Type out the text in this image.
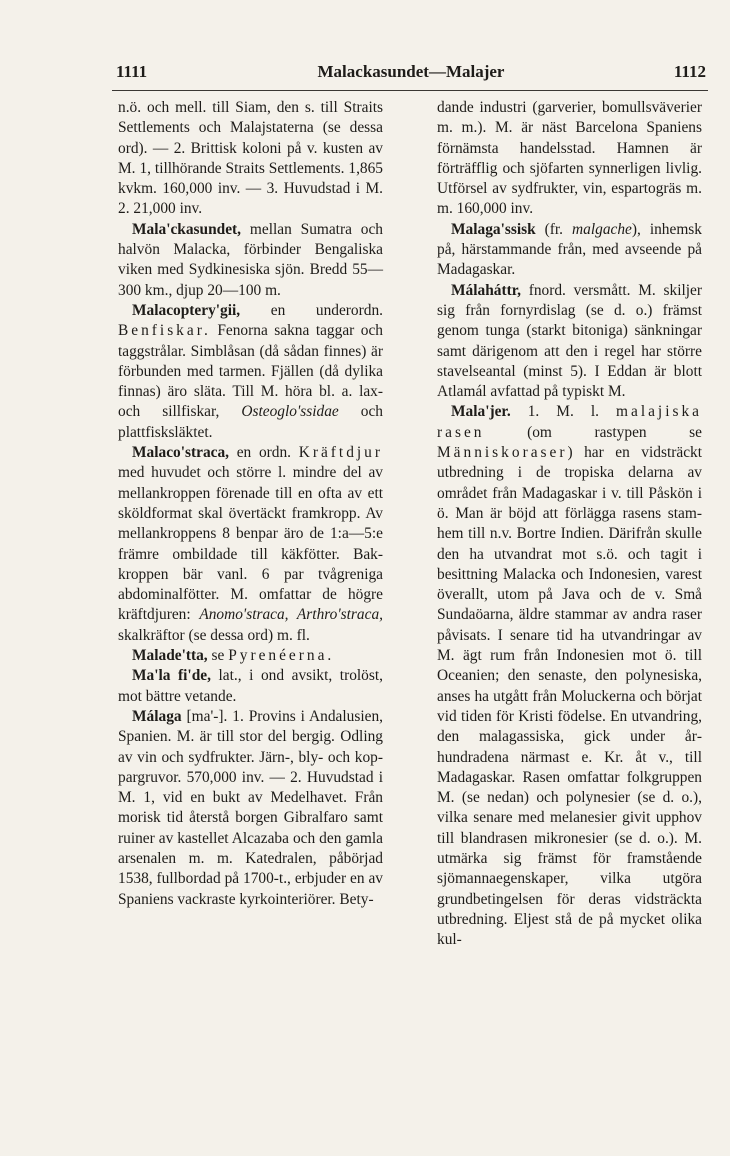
1111	Malackasundet—Malajer	1112

n.ö. och mell. till Siam, den s. till Straits Settlements och Malajstaterna (se dessa ord). — 2. Brittisk koloni på v. kusten av M. 1, tillhörande Straits Settlements. 1,865 kvkm. 160,000 inv. — 3. Huvudstad i M. 2. 21,000 inv.

Mala'ckasundet, mellan Sumatra och halvön Malacka, förbinder Bengaliska viken med Sydkinesiska sjön. Bredd 55—300 km., djup 20—100 m.

Malacoptery'gii, en underordn. Benfiskar. Fenorna sakna taggar och taggstrålar. Simblåsan (då sådan finnes) är förbunden med tarmen. Fjällen (då dylika finnas) äro släta. Till M. höra bl. a. lax- och sillfiskar, Osteoglo'ssidae och plattfisksläktet.

Malaco'straca, en ordn. Kräftdjur med huvudet och större l. mindre del av mellankroppen förenade till en ofta av ett sköldformat skal övertäckt framkropp. Av mellankroppens 8 benpar äro de 1:a—5:e främre ombildade till käkfötter. Bakkroppen bär vanl. 6 par tvågreniga abdominalfötter. M. omfattar de högre kräftdjuren: Anomo'straca, Arthro'straca, skalkräftor (se dessa ord) m. fl.

Malade'tta, se Pyrenéerna.

Ma'la fi'de, lat., i ond avsikt, trolöst, mot bättre vetande.

Málaga [ma'-]. 1. Provins i Andalusien, Spanien. M. är till stor del bergig. Odling av vin och sydfrukter. Järn-, bly- och koppargruvor. 570,000 inv. — 2. Huvudstad i M. 1, vid en bukt av Medelhavet. Från morisk tid återstå borgen Gibralfaro samt ruiner av kastellet Alcazaba och den gamla arsenalen m. m. Katedralen, påbörjad 1538, fullbordad på 1700-t., erbjuder en av Spaniens vackraste kyrkointeriörer. Bety-

dande industri (garverier, bomullsväverier m. m.). M. är näst Barcelona Spaniens förnämsta handelsstad. Hamnen är förträfflig och sjöfarten synnerligen livlig. Utförsel av sydfrukter, vin, espartogräs m. m. 160,000 inv.

Malaga'ssisk (fr. malgache), inhemsk på, härstammande från, med avseende på Madagaskar.

Málaháttr, fnord. versmått. M. skiljer sig från fornyrdislag (se d. o.) främst genom tunga (starkt bitoniga) sänkningar samt därigenom att den i regel har större stavelseantal (minst 5). I Eddan är blott Atlamál avfattad på typiskt M.

Mala'jer. 1. M. l. malajiska rasen (om rastypen se Människoraser) har en vidsträckt utbredning i de tropiska delarna av området från Madagaskar i v. till Påskön i ö. Man är böjd att förlägga rasens stamhem till n.v. Bortre Indien. Därifrån skulle den ha utvandrat mot s.ö. och tagit i besittning Malacka och Indonesien, varest överallt, utom på Java och de v. Små Sundaöarna, äldre stammar av andra raser påvisats. I senare tid ha utvandringar av M. ägt rum från Indonesien mot ö. till Oceanien; den senaste, den polynesiska, anses ha utgått från Moluckerna och börjat vid tiden för Kristi födelse. En utvandring, den malagassiska, gick under århundradena närmast e. Kr. åt v., till Madagaskar. Rasen omfattar folkgruppen M. (se nedan) och polynesier (se d. o.), vilka senare med melanesier givit upphov till blandrasen mikronesier (se d. o.). M. utmärka sig främst för framstående sjömannaegenskaper, vilka utgöra grundbetingelsen för deras vidsträckta utbredning. Eljest stå de på mycket olika kul-
